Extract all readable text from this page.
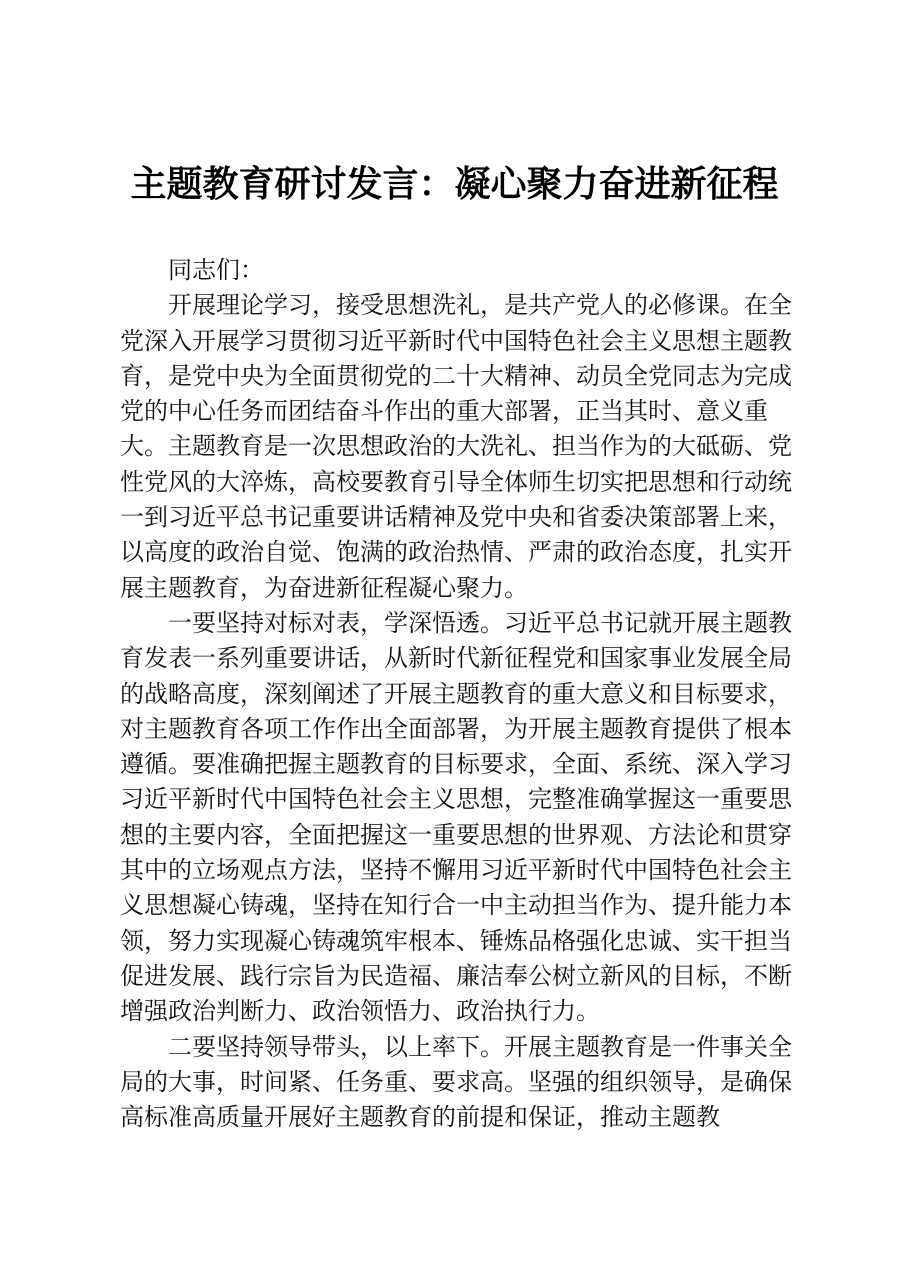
主题教育研讨发言：凝心聚力奋进新征程

同志们：

开展理论学习，接受思想洗礼，是共产党人的必修课。在全党深入开展学习贯彻习近平新时代中国特色社会主义思想主题教育，是党中央为全面贯彻党的二十大精神、动员全党同志为完成党的中心任务而团结奋斗作出的重大部署，正当其时、意义重大。主题教育是一次思想政治的大洗礼、担当作为的大砥砺、党性党风的大淬炼，高校要教育引导全体师生切实把思想和行动统一到习近平总书记重要讲话精神及党中央和省委决策部署上来，以高度的政治自觉、饱满的政治热情、严肃的政治态度，扎实开展主题教育，为奋进新征程凝心聚力。

一要坚持对标对表，学深悟透。习近平总书记就开展主题教育发表一系列重要讲话，从新时代新征程党和国家事业发展全局的战略高度，深刻阐述了开展主题教育的重大意义和目标要求，对主题教育各项工作作出全面部署，为开展主题教育提供了根本遵循。要准确把握主题教育的目标要求，全面、系统、深入学习习近平新时代中国特色社会主义思想，完整准确掌握这一重要思想的主要内容，全面把握这一重要思想的世界观、方法论和贯穿其中的立场观点方法，坚持不懈用习近平新时代中国特色社会主义思想凝心铸魂，坚持在知行合一中主动担当作为、提升能力本领，努力实现凝心铸魂筑牢根本、锤炼品格强化忠诚、实干担当促进发展、践行宗旨为民造福、廉洁奉公树立新风的目标，不断增强政治判断力、政治领悟力、政治执行力。

二要坚持领导带头，以上率下。开展主题教育是一件事关全局的大事，时间紧、任务重、要求高。坚强的组织领导，是确保高标准高质量开展好主题教育的前提和保证，推动主题教
